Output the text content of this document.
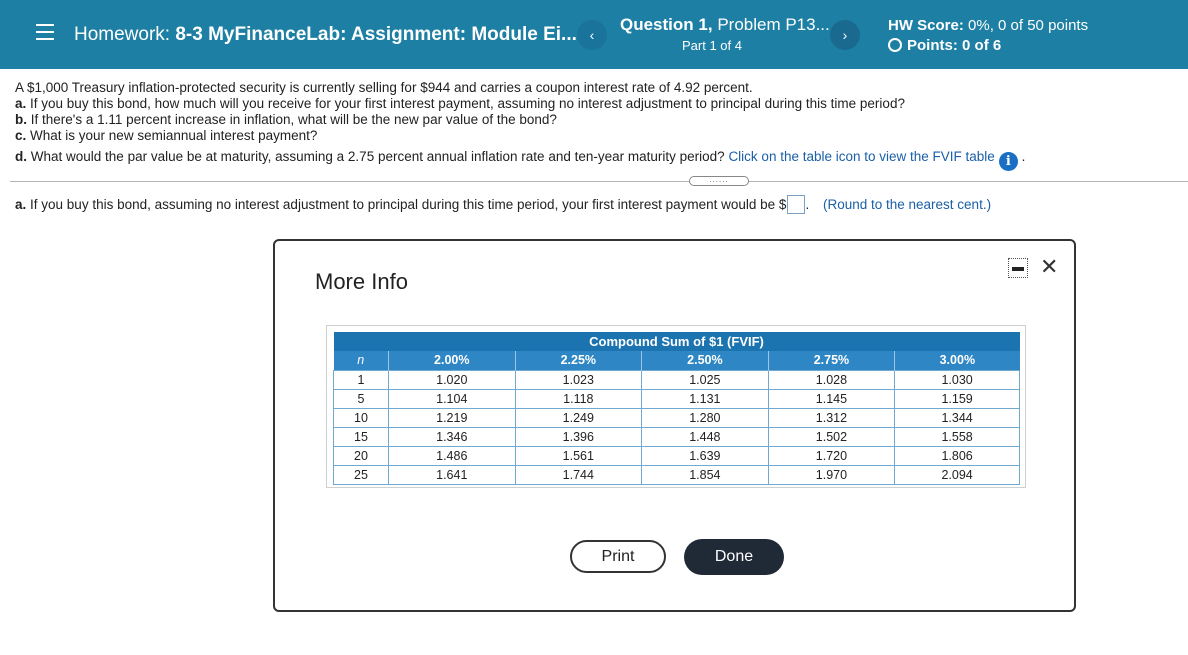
Homework: 8-3 MyFinanceLab: Assignment: Module Ei... ‹
Question 1, Problem P13...
Part 1 of 4
›
HW Score: 0%, 0 of 50 points
Points: 0 of 6
A $1,000 Treasury inflation-protected security is currently selling for $944 and carries a coupon interest rate of 4.92 percent.
a. If you buy this bond, how much will you receive for your first interest payment, assuming no interest adjustment to principal during this time period?
b. If there's a 1.11 percent increase in inflation, what will be the new par value of the bond?
c. What is your new semiannual interest payment?
d. What would the par value be at maturity, assuming a 2.75 percent annual inflation rate and ten-year maturity period? Click on the table icon to view the FVIF table i .
......
a. If you buy this bond, assuming no interest adjustment to principal during this time period, your first interest payment would be $ . (Round to the nearest cent.)
More Info
✕
Compound Sum of $1 (FVIF)					
n	2.00%	2.25%	2.50%	2.75%	3.00%
1	1.020	1.023	1.025	1.028	1.030
5	1.104	1.118	1.131	1.145	1.159
10	1.219	1.249	1.280	1.312	1.344
15	1.346	1.396	1.448	1.502	1.558
20	1.486	1.561	1.639	1.720	1.806
25	1.641	1.744	1.854	1.970	2.094
Print	Done
